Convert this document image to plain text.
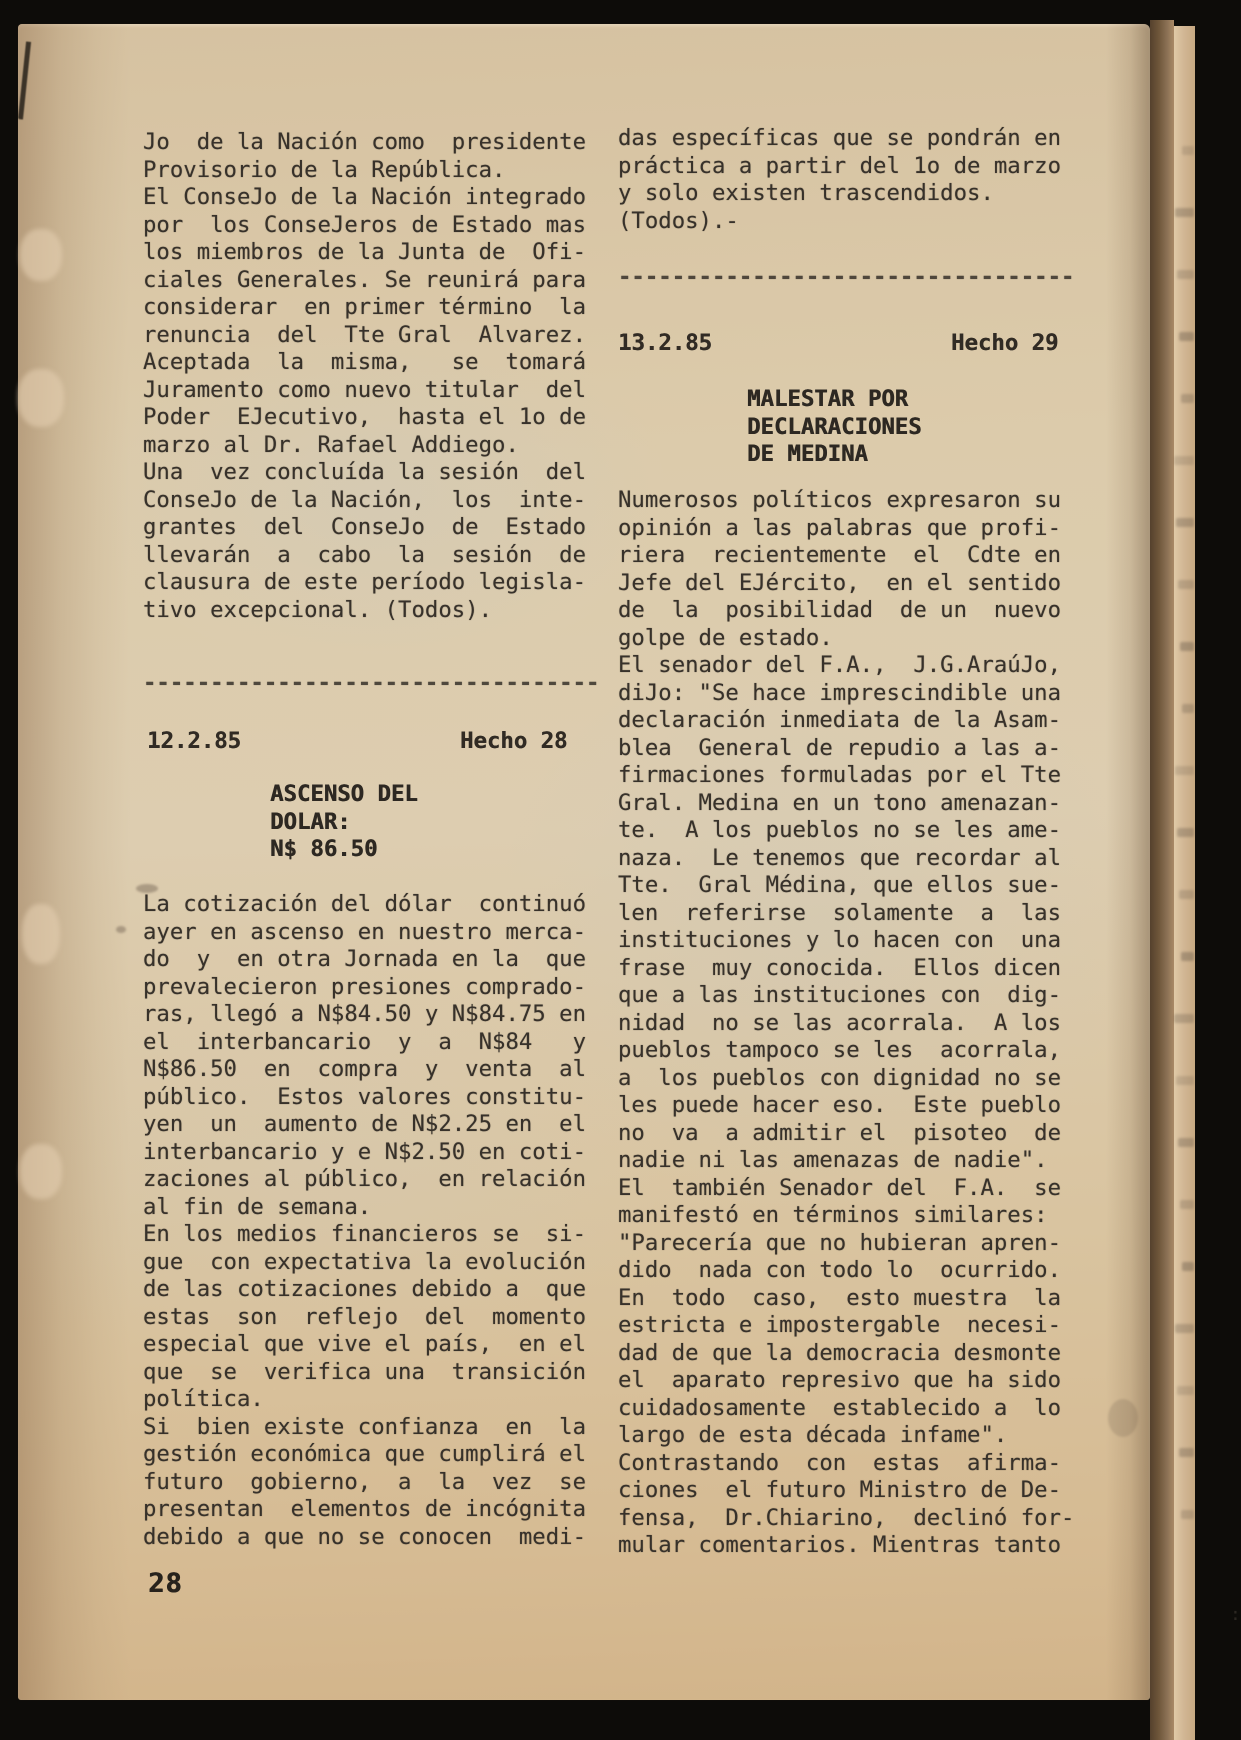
Jo  de la Nación como  presidente
Provisorio de la República.
El ConseJo de la Nación integrado
por  los ConseJeros de Estado mas
los miembros de la Junta de  Ofi-
ciales Generales. Se reunirá para
considerar  en primer término  la
renuncia  del  Tte Gral  Alvarez.
Aceptada  la  misma,   se  tomará
Juramento como nuevo titular  del
Poder  EJecutivo,  hasta el 1o de
marzo al Dr. Rafael Addiego.
Una  vez concluída la sesión  del
ConseJo de la Nación,  los  inte-
grantes  del  ConseJo  de  Estado
llevarán  a  cabo  la  sesión  de
clausura de este período legisla-
tivo excepcional. (Todos).
----------------------------------
12.2.85	Hecho 28
ASCENSO DEL
DOLAR:
N$ 86.50
La cotización del dólar  continuó
ayer en ascenso en nuestro merca-
do  y  en otra Jornada en la  que
prevalecieron presiones comprado-
ras, llegó a N$84.50 y N$84.75 en
el  interbancario  y  a  N$84   y
N$86.50  en  compra  y  venta  al
público.  Estos valores constitu-
yen  un  aumento de N$2.25 en  el
interbancario y e N$2.50 en coti-
zaciones al público,  en relación
al fin de semana.
En los medios financieros se  si-
gue  con expectativa la evolución
de las cotizaciones debido a  que
estas  son  reflejo  del  momento
especial que vive el país,  en el
que  se  verifica una  transición
política.
Si  bien existe confianza  en  la
gestión económica que cumplirá el
futuro  gobierno,  a  la  vez  se
presentan  elementos de incógnita
debido a que no se conocen  medi-
das específicas que se pondrán en
práctica a partir del 1o de marzo
y solo existen trascendidos.
(Todos).-
----------------------------------
13.2.85	Hecho 29
MALESTAR POR
DECLARACIONES
DE MEDINA
Numerosos políticos expresaron su
opinión a las palabras que profi-
riera  recientemente  el  Cdte en
Jefe del EJército,  en el sentido
de  la  posibilidad  de un  nuevo
golpe de estado.
El senador del F.A.,  J.G.AraúJo,
diJo: "Se hace imprescindible una
declaración inmediata de la Asam-
blea  General de repudio a las a-
firmaciones formuladas por el Tte
Gral. Medina en un tono amenazan-
te.  A los pueblos no se les ame-
naza.  Le tenemos que recordar al
Tte.  Gral Médina, que ellos sue-
len  referirse  solamente  a  las
instituciones y lo hacen con  una
frase  muy conocida.  Ellos dicen
que a las instituciones con  dig-
nidad  no se las acorrala.  A los
pueblos tampoco se les  acorrala,
a  los pueblos con dignidad no se
les puede hacer eso.  Este pueblo
no  va  a admitir el  pisoteo  de
nadie ni las amenazas de nadie".
El  también Senador del  F.A.  se
manifestó en términos similares:
"Parecería que no hubieran apren-
dido  nada con todo lo  ocurrido.
En  todo  caso,  esto muestra  la
estricta e impostergable  necesi-
dad de que la democracia desmonte
el  aparato represivo que ha sido
cuidadosamente  establecido a  lo
largo de esta década infame".
Contrastando  con  estas  afirma-
ciones  el futuro Ministro de De-
fensa,  Dr.Chiarino,  declinó for-
mular comentarios. Mientras tanto
:
28
